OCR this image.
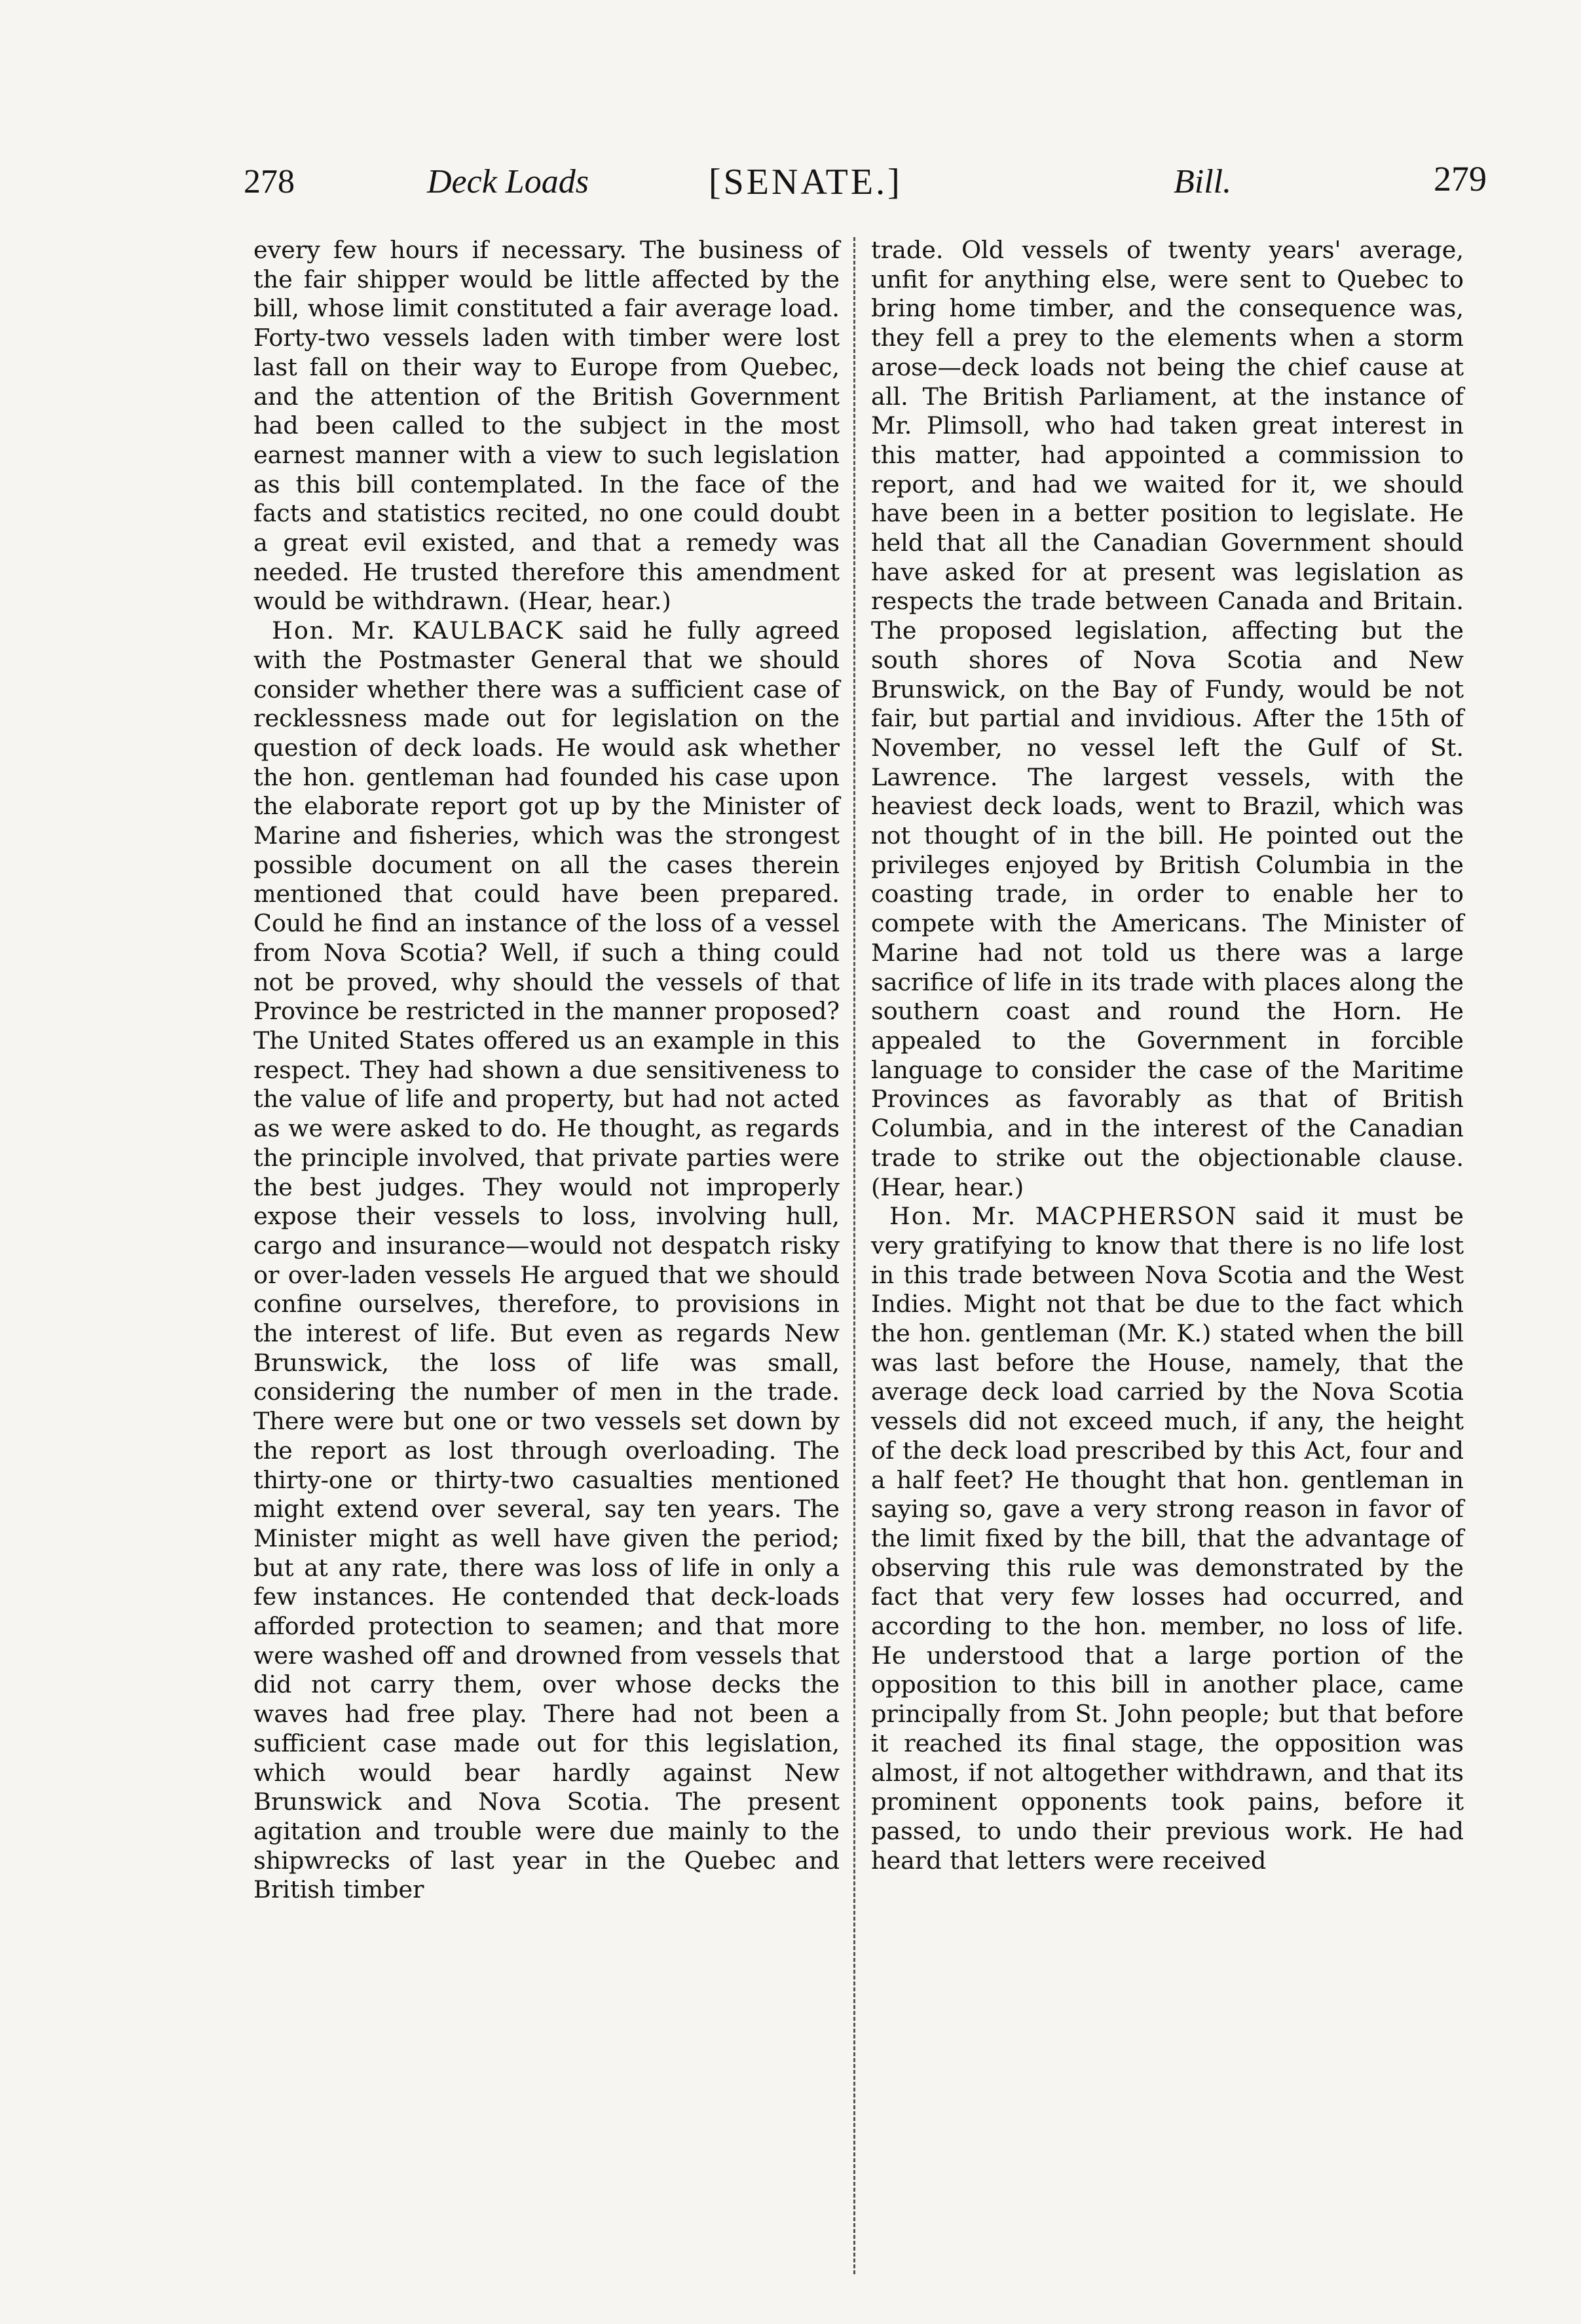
278	Deck Loads	[SENATE.]	Bill.	279

every few hours if necessary. The business of the fair shipper would be little affected by the bill, whose limit constituted a fair average load. Forty-two vessels laden with timber were lost last fall on their way to Europe from Quebec, and the attention of the British Government had been called to the subject in the most earnest manner with a view to such legislation as this bill contemplated. In the face of the facts and statistics recited, no one could doubt a great evil existed, and that a remedy was needed. He trusted therefore this amendment would be withdrawn. (Hear, hear.)

Hon. Mr. KAULBACK said he fully agreed with the Postmaster General that we should consider whether there was a sufficient case of recklessness made out for legislation on the question of deck loads. He would ask whether the hon. gentleman had founded his case upon the elaborate report got up by the Minister of Marine and fisheries, which was the strongest possible document on all the cases therein mentioned that could have been prepared. Could he find an instance of the loss of a vessel from Nova Scotia? Well, if such a thing could not be proved, why should the vessels of that Province be restricted in the manner proposed? The United States offered us an example in this respect. They had shown a due sensitiveness to the value of life and property, but had not acted as we were asked to do. He thought, as regards the principle involved, that private parties were the best judges. They would not improperly expose their vessels to loss, involving hull, cargo and insurance—would not despatch risky or over-laden vessels He argued that we should confine ourselves, therefore, to provisions in the interest of life. But even as regards New Brunswick, the loss of life was small, considering the number of men in the trade. There were but one or two vessels set down by the report as lost through overloading. The thirty-one or thirty-two casualties mentioned might extend over several, say ten years. The Minister might as well have given the period; but at any rate, there was loss of life in only a few instances. He contended that deck-loads afforded protection to seamen; and that more were washed off and drowned from vessels that did not carry them, over whose decks the waves had free play. There had not been a sufficient case made out for this legislation, which would bear hardly against New Brunswick and Nova Scotia. The present agitation and trouble were due mainly to the shipwrecks of last year in the Quebec and British timber

trade. Old vessels of twenty years' average, unfit for anything else, were sent to Quebec to bring home timber, and the consequence was, they fell a prey to the elements when a storm arose—deck loads not being the chief cause at all. The British Parliament, at the instance of Mr. Plimsoll, who had taken great interest in this matter, had appointed a commission to report, and had we waited for it, we should have been in a better position to legislate. He held that all the Canadian Government should have asked for at present was legislation as respects the trade between Canada and Britain. The proposed legislation, affecting but the south shores of Nova Scotia and New Brunswick, on the Bay of Fundy, would be not fair, but partial and invidious. After the 15th of November, no vessel left the Gulf of St. Lawrence. The largest vessels, with the heaviest deck loads, went to Brazil, which was not thought of in the bill. He pointed out the privileges enjoyed by British Columbia in the coasting trade, in order to enable her to compete with the Americans. The Minister of Marine had not told us there was a large sacrifice of life in its trade with places along the southern coast and round the Horn. He appealed to the Government in forcible language to consider the case of the Maritime Provinces as favorably as that of British Columbia, and in the interest of the Canadian trade to strike out the objectionable clause. (Hear, hear.)

Hon. Mr. MACPHERSON said it must be very gratifying to know that there is no life lost in this trade between Nova Scotia and the West Indies. Might not that be due to the fact which the hon. gentleman (Mr. K.) stated when the bill was last before the House, namely, that the average deck load carried by the Nova Scotia vessels did not exceed much, if any, the height of the deck load prescribed by this Act, four and a half feet? He thought that hon. gentleman in saying so, gave a very strong reason in favor of the limit fixed by the bill, that the advantage of observing this rule was demonstrated by the fact that very few losses had occurred, and according to the hon. member, no loss of life. He understood that a large portion of the opposition to this bill in another place, came principally from St. John people; but that before it reached its final stage, the opposition was almost, if not altogether withdrawn, and that its prominent opponents took pains, before it passed, to undo their previous work. He had heard that letters were received
